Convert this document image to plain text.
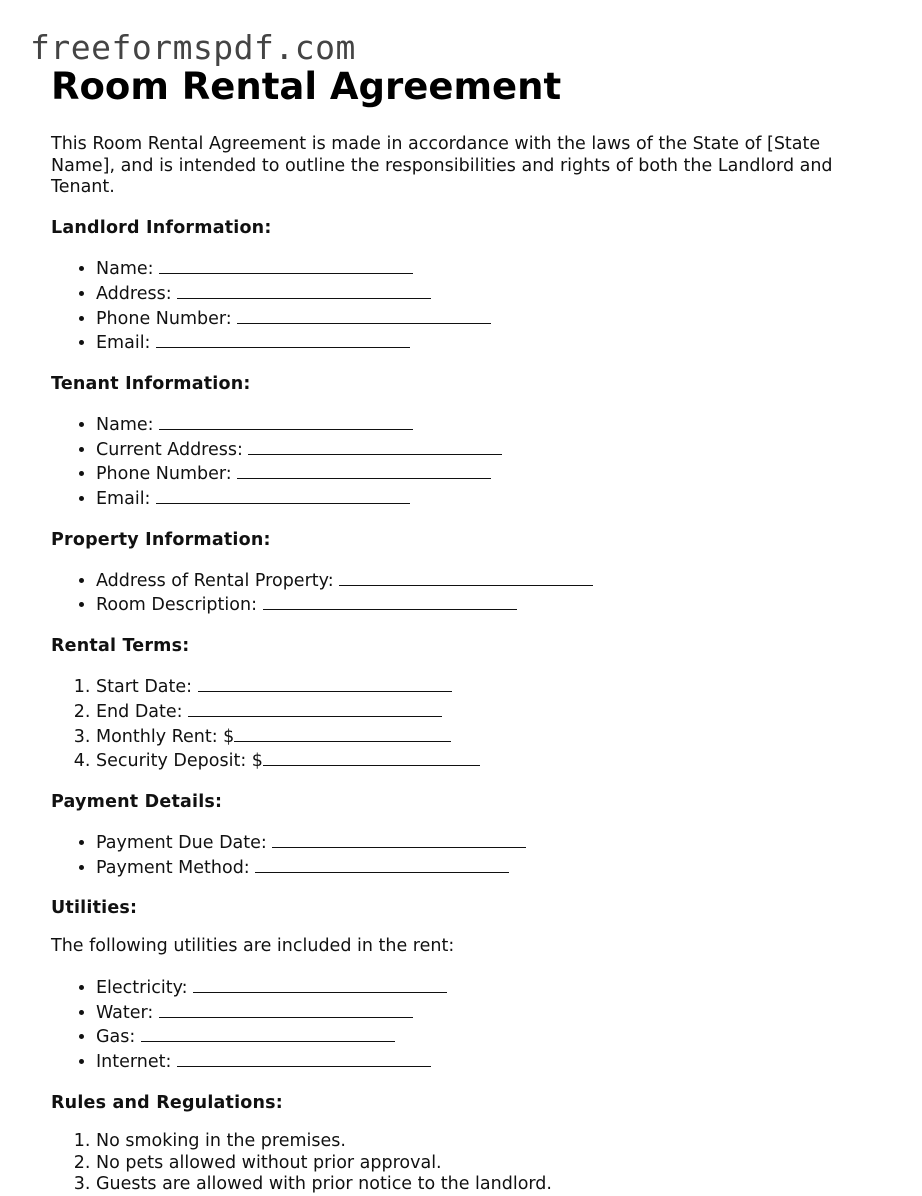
freeformspdf.com
Room Rental Agreement

This Room Rental Agreement is made in accordance with the laws of the State of [State Name], and is intended to outline the responsibilities and rights of both the Landlord and Tenant.

Landlord Information:
• Name:
• Address:
• Phone Number:
• Email:
Tenant Information:
• Name:
• Current Address:
• Phone Number:
• Email:
Property Information:
• Address of Rental Property:
• Room Description:
Rental Terms:
1. Start Date:
2. End Date:
3. Monthly Rent: $
4. Security Deposit: $
Payment Details:
• Payment Due Date:
• Payment Method:
Utilities:

The following utilities are included in the rent:

• Electricity:
• Water:
• Gas:
• Internet:
Rules and Regulations:
1. No smoking in the premises.
2. No pets allowed without prior approval.
3. Guests are allowed with prior notice to the landlord.
